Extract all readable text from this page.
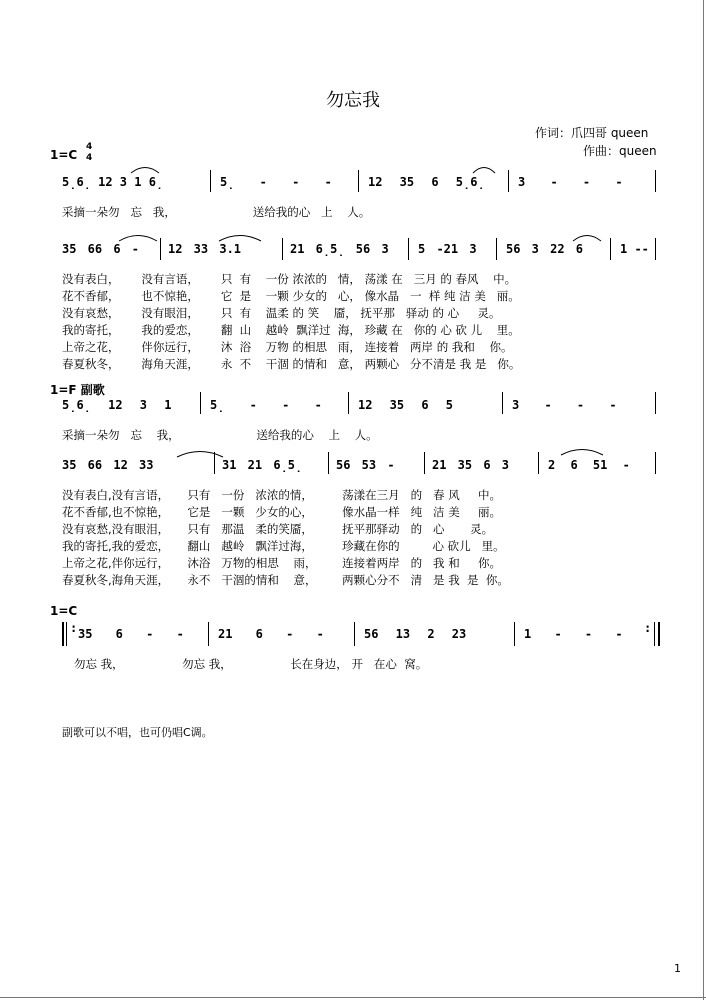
勿忘我
作词：爪四哥 queen
作曲：queen
1=C
4
4
5̣6̣ 12 3 1 6̣	5̣ - - -	12 35 6 5̣6̣	3 - - -
采摘一朵勿   忘   我，                     送给我的心   上    人。
35 66 6 - 12 33 3.1	21 6̣5̣ 56 3 5 -21 3 56 3 22 6	1 --
没有表白，      没有言语，      只  有    一份 浓浓的   情， 荡漾 在   三月 的 春风    中。
花不香郁，      也不惊艳，      它  是    一颗 少女的   心， 像水晶   一  样 纯 洁 美   丽。
没有哀愁，      没有眼泪，      只  有    温柔 的 笑    靥， 抚平那   驿动 的 心     灵。
我的寄托，      我的爱恋，      翻  山    越岭  飘洋过  海， 珍藏 在   你的 心 砍 儿    里。
上帝之花，      伴你远行，      沐  浴    万物 的相思   雨， 连接着   两岸 的 我和    你。
春夏秋冬，      海角天涯，      永  不    干涸 的情和   意， 两颗心   分不清是 我 是   你。
1=F 副歌
5̣6̣ 12 3 1	5̣ - - -	12 35 6 5	3 - - -
采摘一朵勿   忘    我，                     送给我的心    上    人。
35 66 12 33	31 21 6̣5̣	56 53 -	21 35 6 3	2 6 51 -
没有表白,没有言语，     只有   一份   浓浓的情，        荡漾在三月   的   春 风     中。
花不香郁,也不惊艳，     它是   一颗   少女的心，        像水晶一样   纯   洁 美     丽。
没有哀愁,没有眼泪，     只有   那温   柔的笑靥，        抚平那驿动   的   心       灵。
我的寄托,我的爱恋，     翻山   越岭   飘洋过海，        珍藏在你的         心 砍儿   里。
上帝之花,伴你远行，     沐浴   万物的相思    雨，       连接着两岸   的   我 和     你。
春夏秋冬,海角天涯，     永不   干涸的情和    意，       两颗心分不   清   是 我  是  你。
1=C
: 35 6 - -	21 6 - -	56 13 2 23	1 - - - :
勿忘 我，                勿忘 我，                长在身边， 开   在心  窝。
副歌可以不唱，也可仍唱C调。
1
